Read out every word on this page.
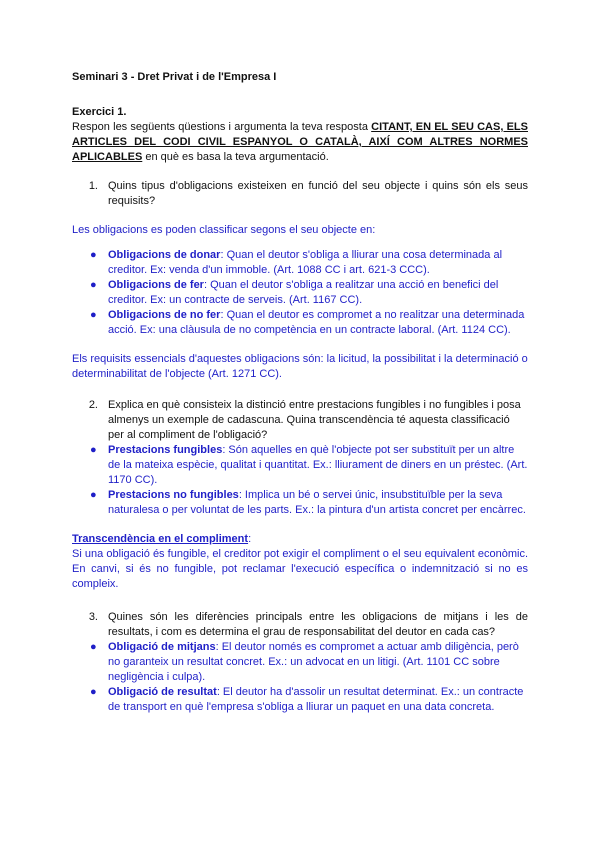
Seminari 3 - Dret Privat i de l'Empresa I

Exercici 1.

Respon les següents qüestions i argumenta la teva resposta CITANT, EN EL SEU CAS, ELS ARTICLES DEL CODI CIVIL ESPANYOL O CATALÀ, AIXÍ COM ALTRES NORMES APLICABLES en què es basa la teva argumentació.

1. Quins tipus d'obligacions existeixen en funció del seu objecte i quins són els seus requisits?

Les obligacions es poden classificar segons el seu objecte en:

● Obligacions de donar: Quan el deutor s'obliga a lliurar una cosa determinada al creditor. Ex: venda d'un immoble. (Art. 1088 CC i art. 621-3 CCC).
● Obligacions de fer: Quan el deutor s'obliga a realitzar una acció en benefici del creditor. Ex: un contracte de serveis. (Art. 1167 CC).
● Obligacions de no fer: Quan el deutor es compromet a no realitzar una determinada acció. Ex: una clàusula de no competència en un contracte laboral. (Art. 1124 CC).

Els requisits essencials d'aquestes obligacions són: la licitud, la possibilitat i la determinació o determinabilitat de l'objecte (Art. 1271 CC).

2. Explica en què consisteix la distinció entre prestacions fungibles i no fungibles i posa almenys un exemple de cadascuna. Quina transcendència té aquesta classificació per al compliment de l'obligació?
● Prestacions fungibles: Són aquelles en què l'objecte pot ser substituït per un altre de la mateixa espècie, qualitat i quantitat. Ex.: lliurament de diners en un préstec. (Art. 1170 CC).
● Prestacions no fungibles: Implica un bé o servei únic, insubstituïble per la seva naturalesa o per voluntat de les parts. Ex.: la pintura d'un artista concret per encàrrec.

Transcendència en el compliment:

Si una obligació és fungible, el creditor pot exigir el compliment o el seu equivalent econòmic. En canvi, si és no fungible, pot reclamar l'execució específica o indemnització si no es compleix.

3. Quines són les diferències principals entre les obligacions de mitjans i les de resultats, i com es determina el grau de responsabilitat del deutor en cada cas?
● Obligació de mitjans: El deutor només es compromet a actuar amb diligència, però no garanteix un resultat concret. Ex.: un advocat en un litigi. (Art. 1101 CC sobre negligència i culpa).
● Obligació de resultat: El deutor ha d'assolir un resultat determinat. Ex.: un contracte de transport en què l'empresa s'obliga a lliurar un paquet en una data concreta.
